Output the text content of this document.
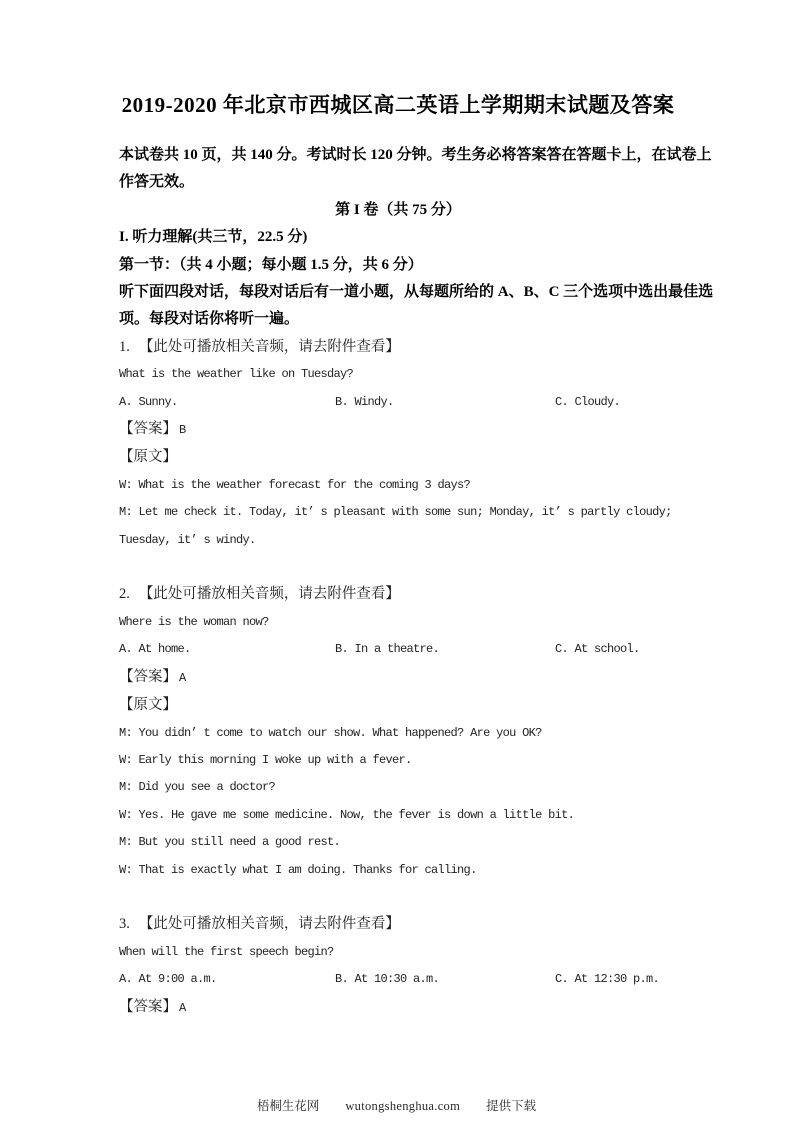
2019-2020 年北京市西城区高二英语上学期期末试题及答案
本试卷共 10 页，共 140 分。考试时长 120 分钟。考生务必将答案答在答题卡上，在试卷上
作答无效。
第 I 卷（共 75 分）
I. 听力理解(共三节，22.5 分)
第一节：（共 4 小题；每小题 1.5 分，共 6 分）
听下面四段对话，每段对话后有一道小题，从每题所给的 A、B、C 三个选项中选出最佳选
项。每段对话你将听一遍。
1. 【此处可播放相关音频，请去附件查看】
What is the weather like on Tuesday?
A. Sunny.	B. Windy.	C. Cloudy.
【答案】 B
【原文】
W: What is the weather forecast for the coming 3 days?
M: Let me check it. Today, it’ s pleasant with some sun; Monday, it’ s partly cloudy;
Tuesday, it’ s windy.
2. 【此处可播放相关音频，请去附件查看】
Where is the woman now?
A. At home.	B. In a theatre.	C. At school.
【答案】 A
【原文】
M: You didn’ t come to watch our show. What happened? Are you OK?
W: Early this morning I woke up with a fever.
M: Did you see a doctor?
W: Yes. He gave me some medicine. Now, the fever is down a little bit.
M: But you still need a good rest.
W: That is exactly what I am doing. Thanks for calling.
3. 【此处可播放相关音频，请去附件查看】
When will the first speech begin?
A. At 9:00 a.m.	B. At 10:30 a.m.	C. At 12:30 p.m.
【答案】 A
梧桐生花网 wutongshenghua.com 提供下载
